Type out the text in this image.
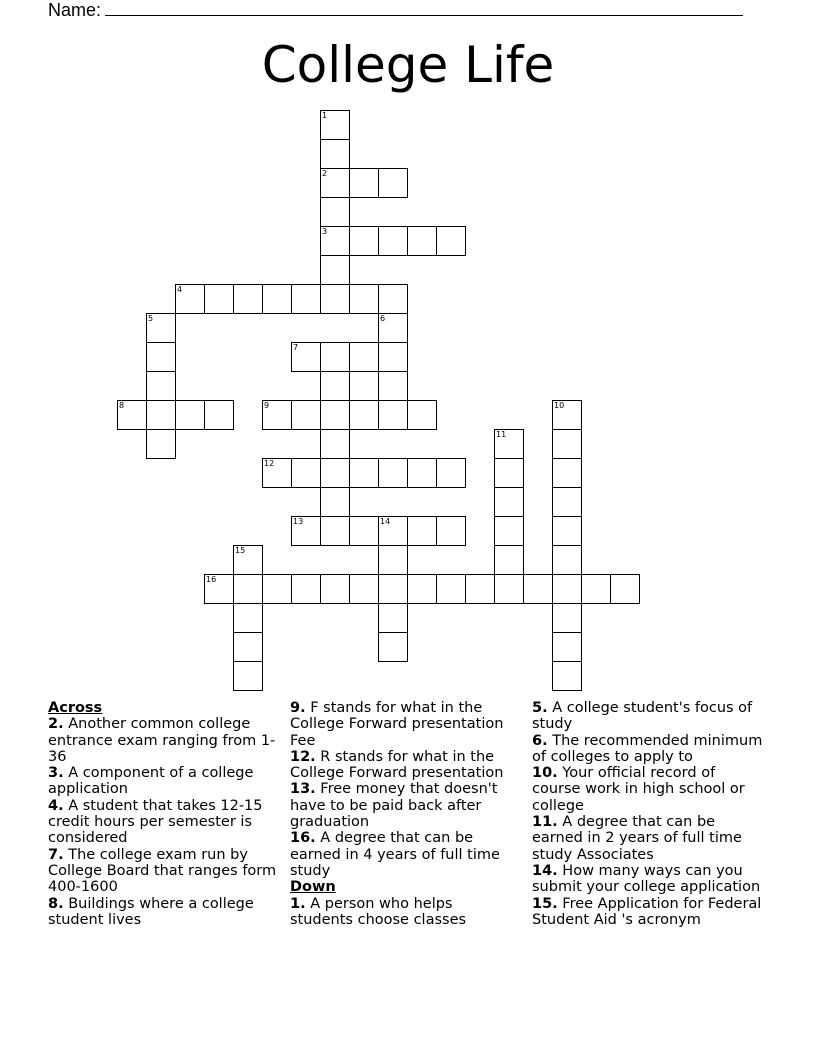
Name:
College Life
1
2
3
4
5	6
7
8	9	10
11
12
13	14
15
16

Across

2. Another common college entrance exam ranging from 1-36

3. A component of a college application

4. A student that takes 12-15 credit hours per semester is considered

7. The college exam run by College Board that ranges form 400-1600

8. Buildings where a college student lives

9. F stands for what in the College Forward presentation Fee

12. R stands for what in the College Forward presentation

13. Free money that doesn't have to be paid back after graduation

16. A degree that can be earned in 4 years of full time study

Down

1. A person who helps students choose classes

5. A college student's focus of study

6. The recommended minimum of colleges to apply to

10. Your official record of course work in high school or college

11. A degree that can be earned in 2 years of full time study Associates

14. How many ways can you submit your college application

15. Free Application for Federal Student Aid 's acronym
